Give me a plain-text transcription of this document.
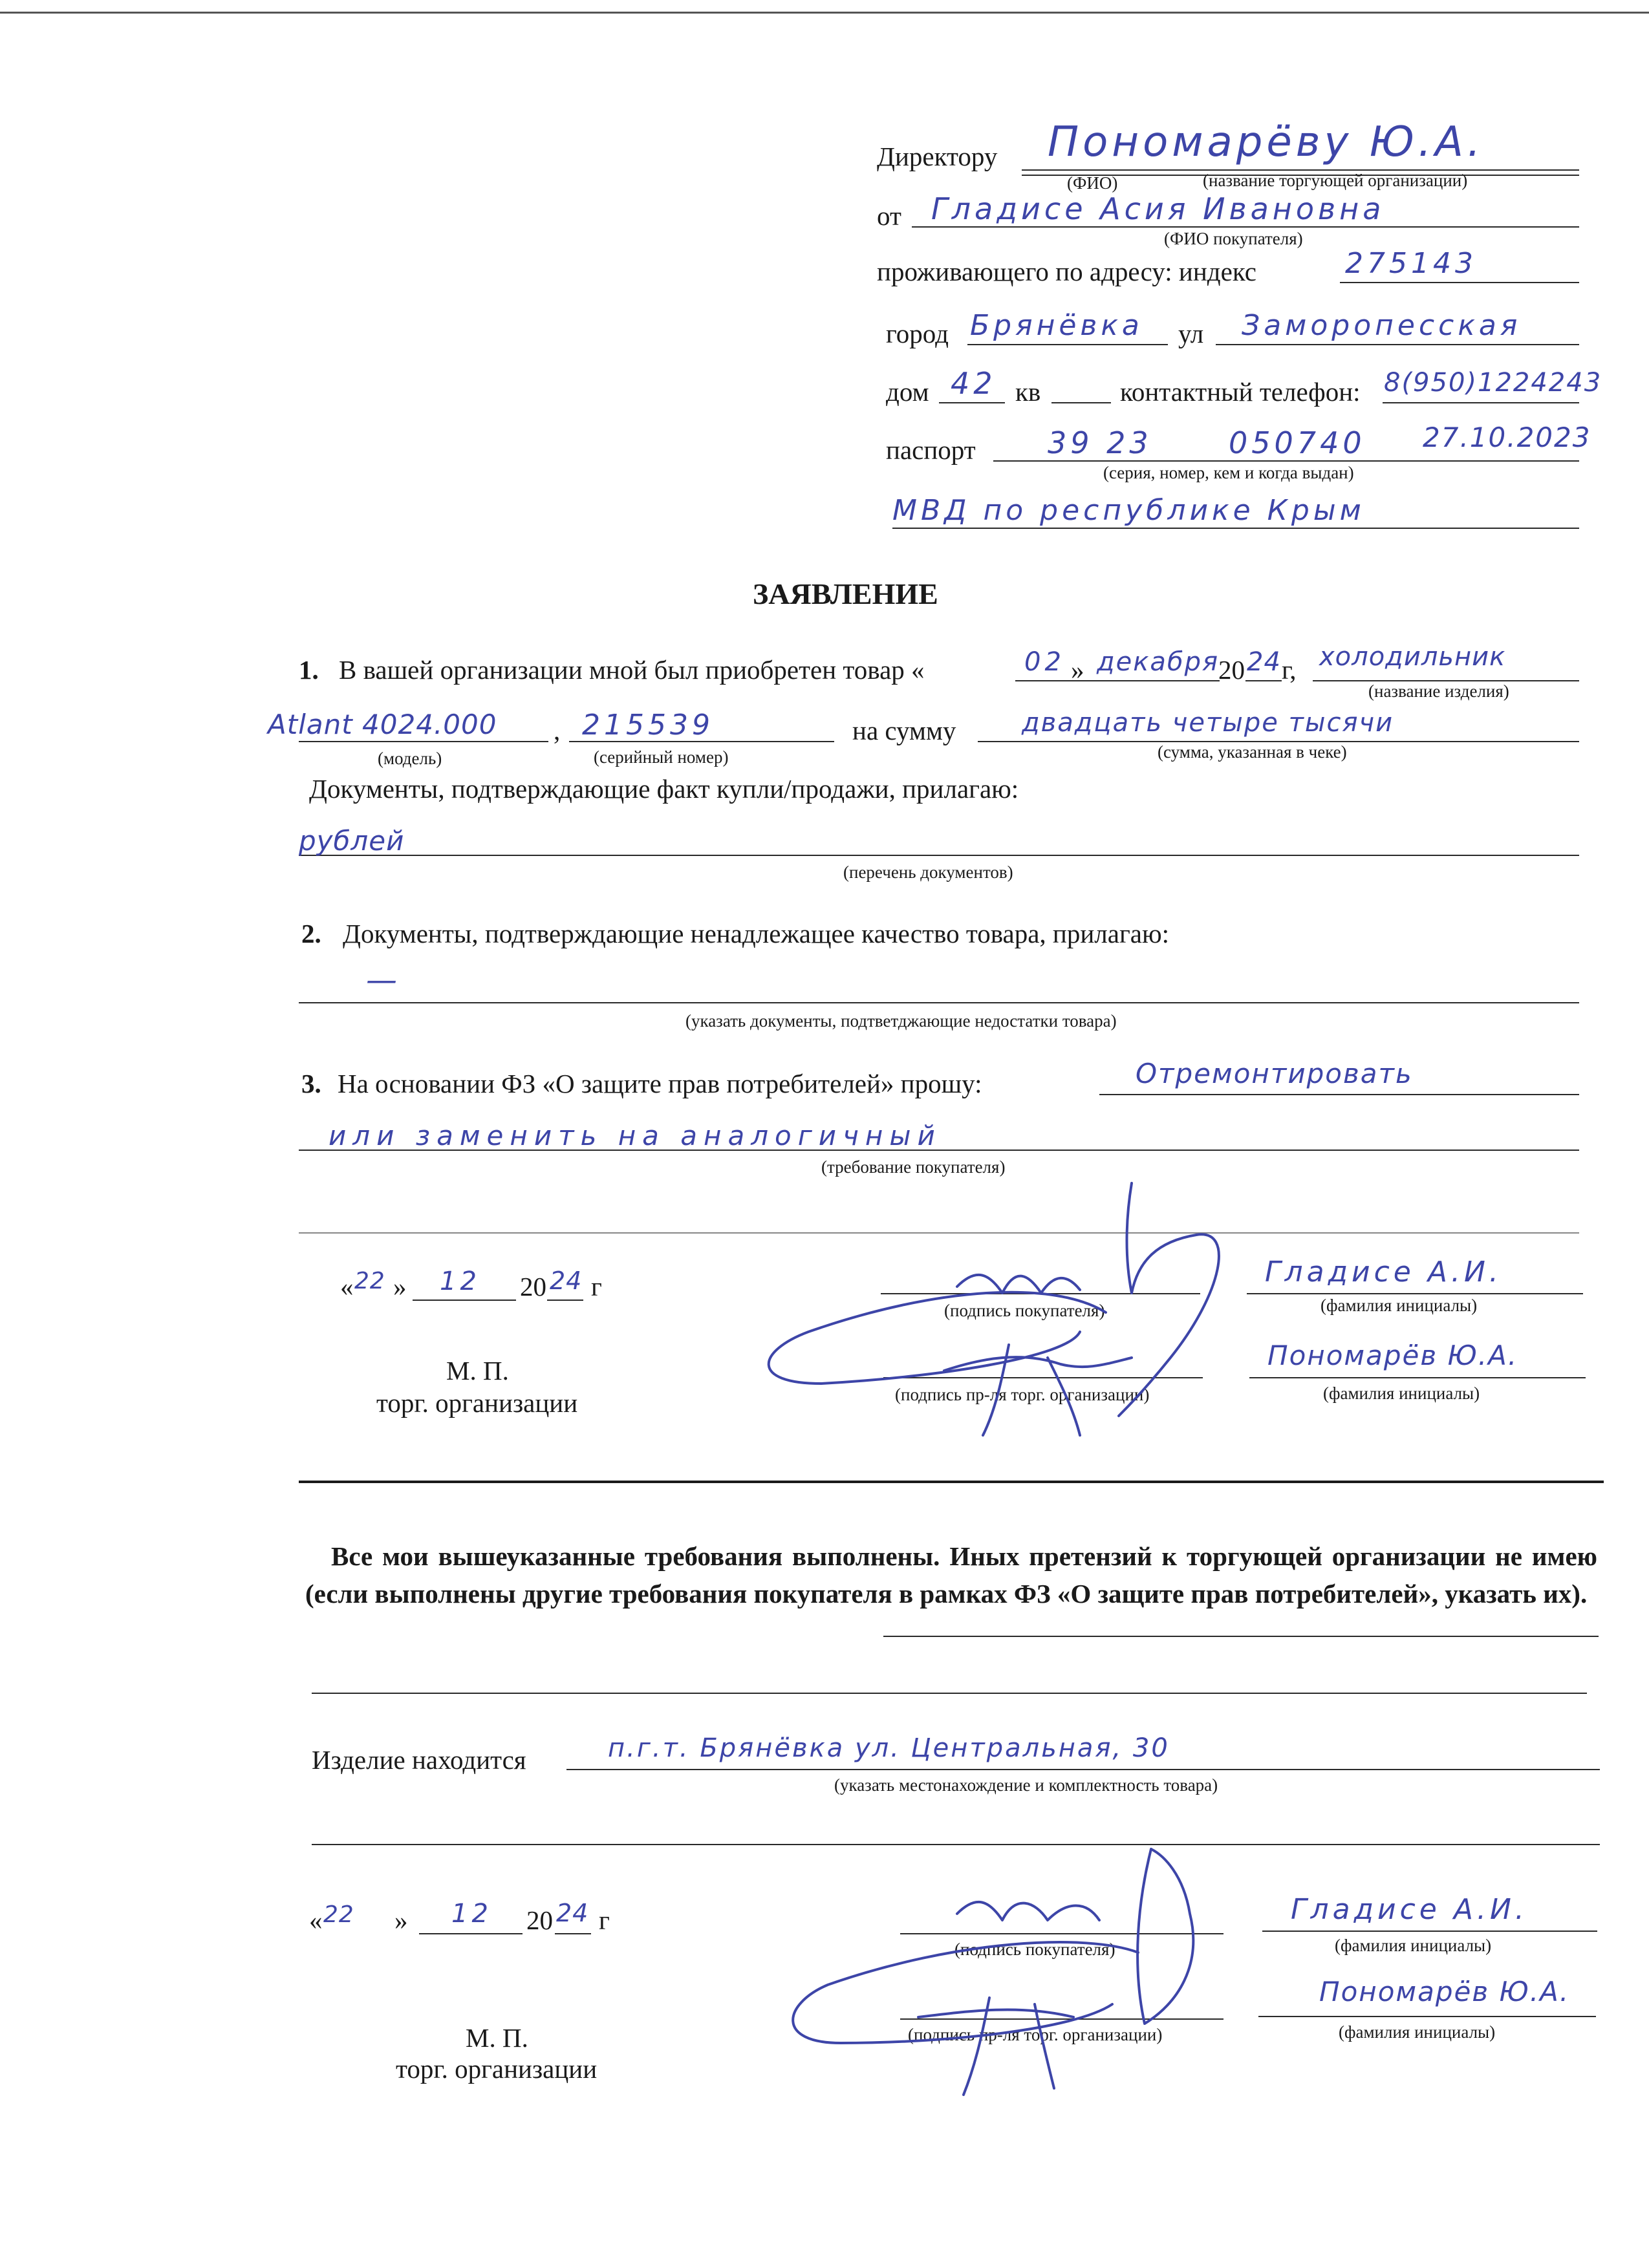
Директору Пономарёву Ю.А.
(ФИО)	(название торгующей организации)
от Гладисе Асия Ивановна
(ФИО покупателя)
проживающего по адресу: индекс	275143
город Брянёвка ул Заморопесская
дом 42 кв	контактный телефон: 8(950)1224243
паспорт 39 23	050740 27.10.2023
(серия, номер, кем и когда выдан)
МВД по республике Крым
ЗАЯВЛЕНИЕ
1. В вашей организации мной был приобретен товар «	02 » декабря
20 24 г, холодильник
(название изделия)
Atlant 4024.000 , 215539	на сумму	двадцать четыре тысячи
(модель)	(серийный номер)	(сумма, указанная в чеке)
Документы, подтверждающие факт купли/продажи, прилагаю:
рублей
(перечень документов)
2. Документы, подтверждающие ненадлежащее качество товара, прилагаю:
—
(указать документы, подтветджающие недостатки товара)
3. На основании ФЗ «О защите прав потребителей» прошу:	Отремонтировать
или заменить на аналогичный
(требование покупателя)
« 22 » 12 20 24 г
(подпись покупателя)
Гладисе А.И.
(фамилия инициалы)
М. П.
торг. организации	(подпись пр-ля торг. организации)
Пономарёв Ю.А.
(фамилия инициалы)
Все мои вышеуказанные требования выполнены. Иных претензий к торгующей организации не имею (если выполнены другие требования покупателя в рамках ФЗ «О защите прав потребителей», указать их).
Изделие находится	п.г.т. Брянёвка ул. Центральная, 30
(указать местонахождение и комплектность товара)
« 22 » 12 20 24 г
(подпись покупателя)
Гладисе А.И.
(фамилия инициалы)
М. П.
торг. организации
(подпись пр-ля торг. организации)
Пономарёв Ю.А.
(фамилия инициалы)
